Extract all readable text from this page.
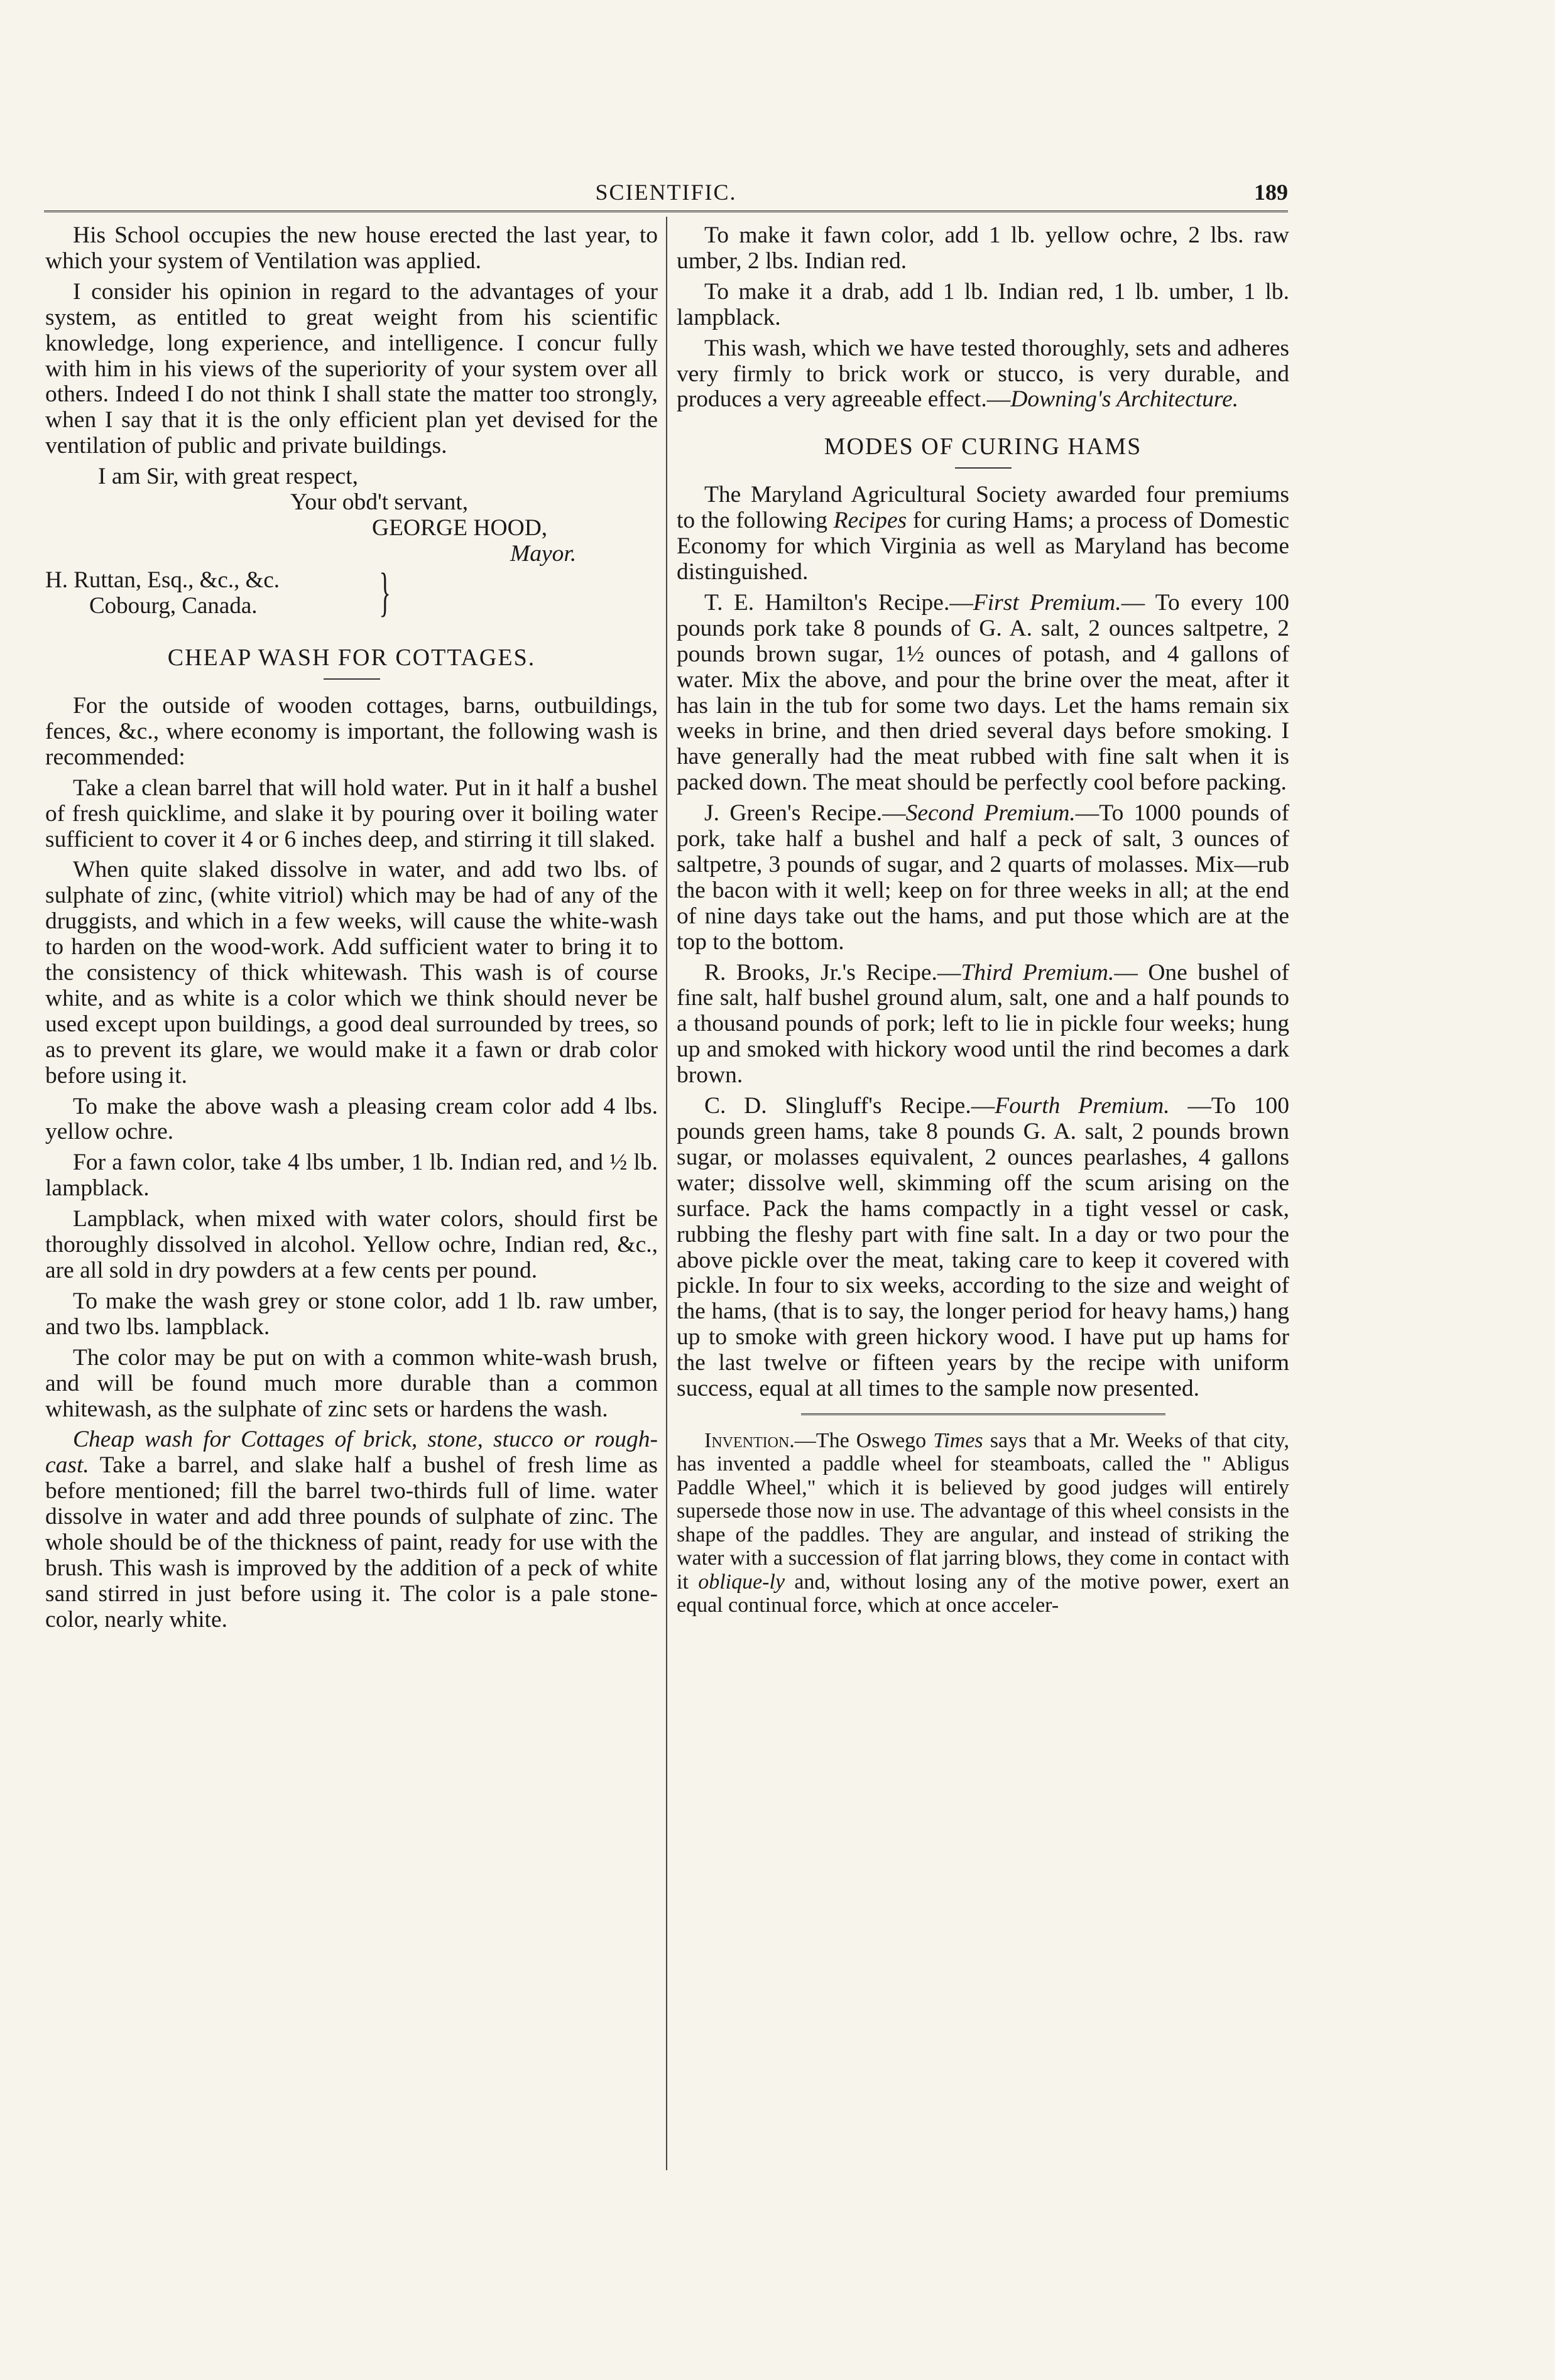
SCIENTIFIC.	189

His School occupies the new house erected the last year, to which your system of Ventilation was applied.

I consider his opinion in regard to the advantages of your system, as entitled to great weight from his scientific knowledge, long experience, and intelligence. I concur fully with him in his views of the superiority of your system over all others. Indeed I do not think I shall state the matter too strongly, when I say that it is the only efficient plan yet devised for the ventilation of public and private buildings.

I am Sir, with great respect,

Your obd't servant,
GEORGE HOOD,
Mayor.
H. Ruttan, Esq., &c., &c.
Cobourg, Canada.	}
CHEAP WASH FOR COTTAGES.

For the outside of wooden cottages, barns, outbuildings, fences, &c., where economy is important, the following wash is recommended:

Take a clean barrel that will hold water. Put in it half a bushel of fresh quicklime, and slake it by pouring over it boiling water sufficient to cover it 4 or 6 inches deep, and stirring it till slaked.

When quite slaked dissolve in water, and add two lbs. of sulphate of zinc, (white vitriol) which may be had of any of the druggists, and which in a few weeks, will cause the white-wash to harden on the wood-work. Add sufficient water to bring it to the consistency of thick whitewash. This wash is of course white, and as white is a color which we think should never be used except upon buildings, a good deal surrounded by trees, so as to prevent its glare, we would make it a fawn or drab color before using it.

To make the above wash a pleasing cream color add 4 lbs. yellow ochre.

For a fawn color, take 4 lbs umber, 1 lb. Indian red, and ½ lb. lampblack.

Lampblack, when mixed with water colors, should first be thoroughly dissolved in alcohol. Yellow ochre, Indian red, &c., are all sold in dry powders at a few cents per pound.

To make the wash grey or stone color, add 1 lb. raw umber, and two lbs. lampblack.

The color may be put on with a common white-wash brush, and will be found much more durable than a common whitewash, as the sulphate of zinc sets or hardens the wash.

Cheap wash for Cottages of brick, stone, stucco or rough-cast. Take a barrel, and slake half a bushel of fresh lime as before mentioned; fill the barrel two-thirds full of lime. water dissolve in water and add three pounds of sulphate of zinc. The whole should be of the thickness of paint, ready for use with the brush. This wash is improved by the addition of a peck of white sand stirred in just before using it. The color is a pale stone-color, nearly white.

To make it fawn color, add 1 lb. yellow ochre, 2 lbs. raw umber, 2 lbs. Indian red.

To make it a drab, add 1 lb. Indian red, 1 lb. umber, 1 lb. lampblack.

This wash, which we have tested thoroughly, sets and adheres very firmly to brick work or stucco, is very durable, and produces a very agreeable effect.—Downing's Architecture.

MODES OF CURING HAMS

The Maryland Agricultural Society awarded four premiums to the following Recipes for curing Hams; a process of Domestic Economy for which Virginia as well as Maryland has become distinguished.

T. E. Hamilton's Recipe.—First Premium.— To every 100 pounds pork take 8 pounds of G. A. salt, 2 ounces saltpetre, 2 pounds brown sugar, 1½ ounces of potash, and 4 gallons of water. Mix the above, and pour the brine over the meat, after it has lain in the tub for some two days. Let the hams remain six weeks in brine, and then dried several days before smoking. I have generally had the meat rubbed with fine salt when it is packed down. The meat should be perfectly cool before packing.

J. Green's Recipe.—Second Premium.—To 1000 pounds of pork, take half a bushel and half a peck of salt, 3 ounces of saltpetre, 3 pounds of sugar, and 2 quarts of molasses. Mix—rub the bacon with it well; keep on for three weeks in all; at the end of nine days take out the hams, and put those which are at the top to the bottom.

R. Brooks, Jr.'s Recipe.—Third Premium.— One bushel of fine salt, half bushel ground alum, salt, one and a half pounds to a thousand pounds of pork; left to lie in pickle four weeks; hung up and smoked with hickory wood until the rind becomes a dark brown.

C. D. Slingluff's Recipe.—Fourth Premium. —To 100 pounds green hams, take 8 pounds G. A. salt, 2 pounds brown sugar, or molasses equivalent, 2 ounces pearlashes, 4 gallons water; dissolve well, skimming off the scum arising on the surface. Pack the hams compactly in a tight vessel or cask, rubbing the fleshy part with fine salt. In a day or two pour the above pickle over the meat, taking care to keep it covered with pickle. In four to six weeks, according to the size and weight of the hams, (that is to say, the longer period for heavy hams,) hang up to smoke with green hickory wood. I have put up hams for the last twelve or fifteen years by the recipe with uniform success, equal at all times to the sample now presented.

Invention.—The Oswego Times says that a Mr. Weeks of that city, has invented a paddle wheel for steamboats, called the " Abligus Paddle Wheel," which it is believed by good judges will entirely supersede those now in use. The advantage of this wheel consists in the shape of the paddles. They are angular, and instead of striking the water with a succession of flat jarring blows, they come in contact with it oblique-ly and, without losing any of the motive power, exert an equal continual force, which at once acceler-
